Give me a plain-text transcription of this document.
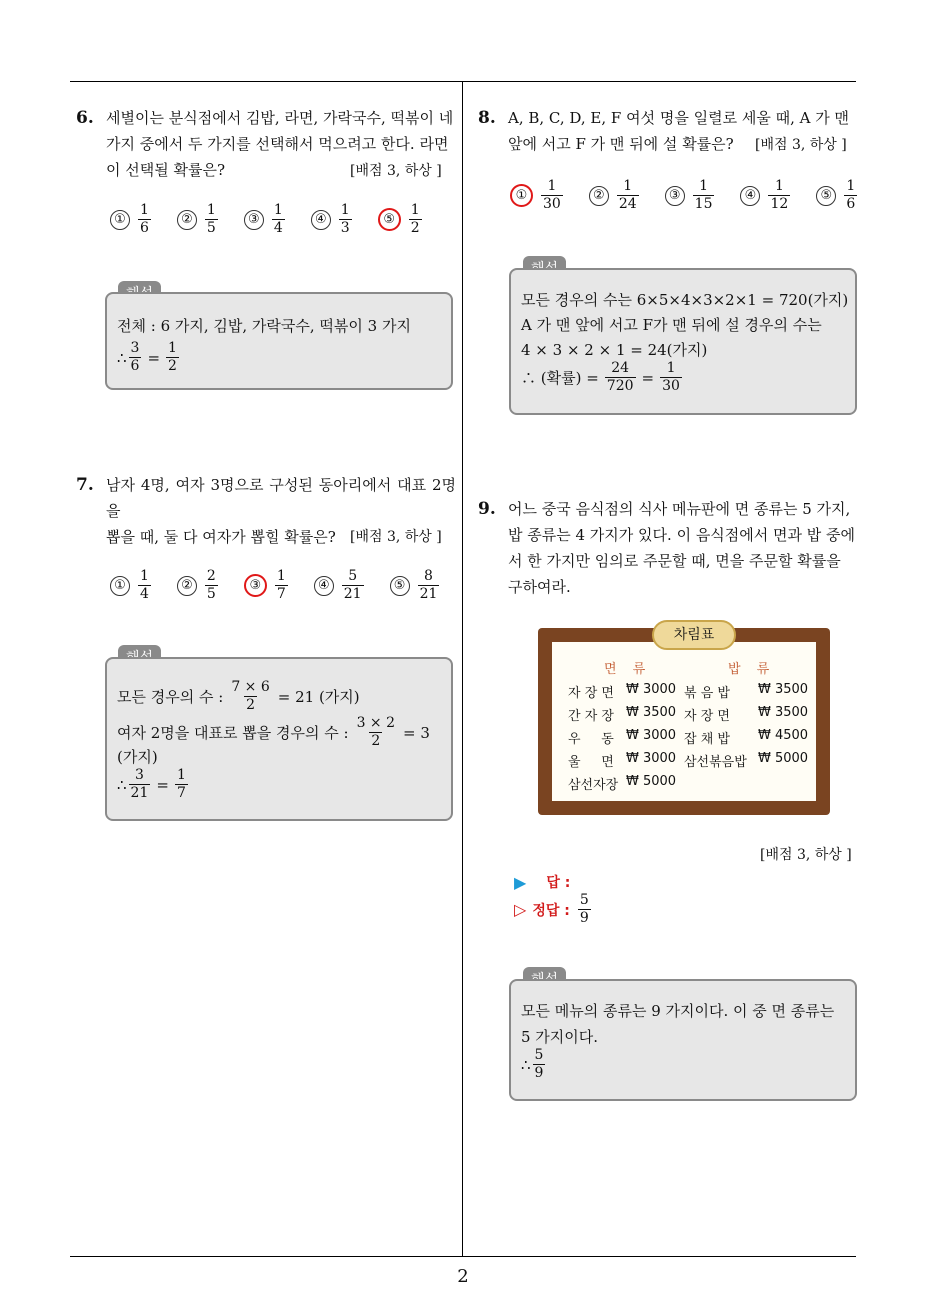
6. 세별이는 분식점에서 김밥, 라면, 가락국수, 떡볶이 네
가지 중에서 두 가지를 선택해서 먹으려고 한다. 라면
이 선택될 확률은?	[배점 3, 하상 ]
① $\frac{1}{6}$	② $\frac{1}{5}$	③ $\frac{1}{4}$	④ $\frac{1}{3}$	⑤ $\frac{1}{2}$
전체 : 6 가지, 김밥, 가락국수, 떡볶이 3 가지
∴ $\frac{3}{6} = \frac{1}{2}$
7. 남자 4명, 여자 3명으로 구성된 동아리에서 대표 2명을
뽑을 때, 둘 다 여자가 뽑힐 확률은?	[배점 3, 하상 ]
① $\frac{1}{4}$	② $\frac{2}{5}$	③ $\frac{1}{7}$	④ $\frac{5}{21}$	⑤ $\frac{8}{21}$
모든 경우의 수 : $\frac{7 \times 6}{2} = 21$ (가지)
여자 2명을 대표로 뽑을 경우의 수 : $\frac{3 \times 2}{2} = 3$
(가지)
∴ $\frac{3}{21} = \frac{1}{7}$
8. A, B, C, D, E, F 여섯 명을 일렬로 세울 때, A 가 맨
앞에 서고 F 가 맨 뒤에 설 확률은?	[배점 3, 하상 ]
① $\frac{1}{30}$	② $\frac{1}{24}$	③ $\frac{1}{15}$	④ $\frac{1}{12}$	⑤ $\frac{1}{6}$
모든 경우의 수는 6×5×4×3×2×1 = 720(가지)
A 가 맨 앞에 서고 F가 맨 뒤에 설 경우의 수는
4 × 3 × 2 × 1 = 24(가지)
∴ (확률) = $\frac{24}{720} = \frac{1}{30}$
9. 어느 중국 음식점의 식사 메뉴판에 면 종류는 5 가지,
밥 종류는 4 가지가 있다. 이 음식점에서 면과 밥 중에
서 한 가지만 임의로 주문할 때, 면을 주문할 확률을
구하여라.
차림표
면 류	밥 류
자 장 면 ₩ 3000 볶 음 밥	₩ 3500
간 자 장 ₩ 3500 자 장 면	₩ 3500
우     동 ₩ 3000 잡 채 밥	₩ 4500
울     면 ₩ 3000 삼선볶음밥 ₩ 5000
삼선자장 ₩ 5000
[배점 3, 하상 ]
▶ 답 :
▷ 정답 : $\frac{5}{9}$
모든 메뉴의 종류는 9 가지이다. 이 중 면 종류는
5 가지이다.
∴ $\frac{5}{9}$
2
